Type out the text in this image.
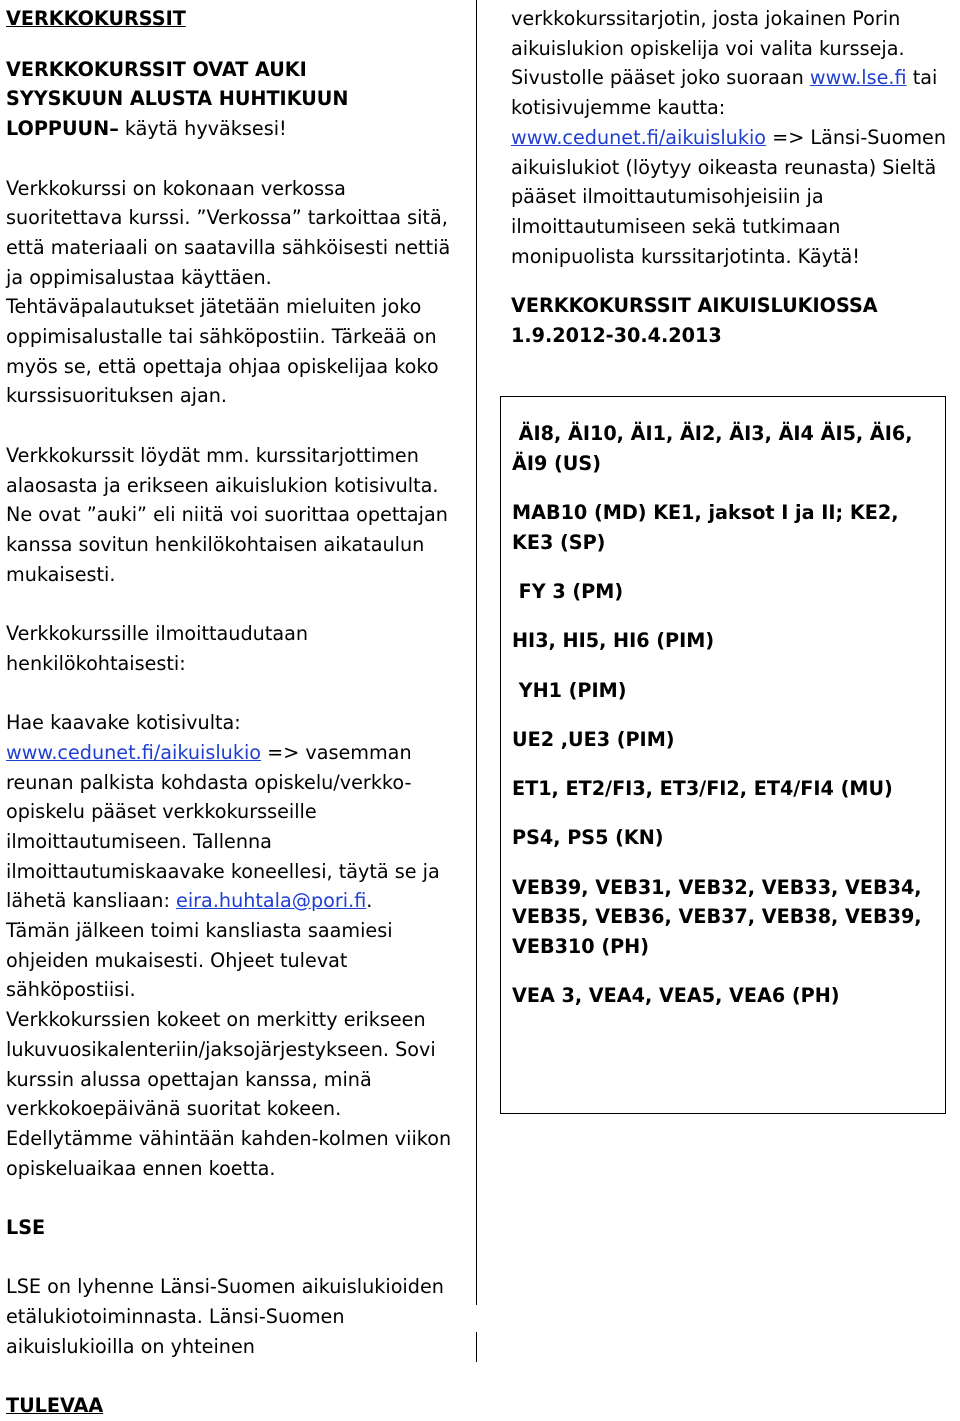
VERKKOKURSSIT

VERKKOKURSSIT OVAT AUKI

SYYSKUUN ALUSTA HUHTIKUUN

LOPPUUN– käytä hyväksesi!

Verkkokurssi on kokonaan verkossa

suoritettava kurssi. ”Verkossa” tarkoittaa sitä,

että materiaali on saatavilla sähköisesti nettiä

ja oppimisalustaa käyttäen.

Tehtäväpalautukset jätetään mieluiten joko

oppimisalustalle tai sähköpostiin. Tärkeää on

myös se, että opettaja ohjaa opiskelijaa koko

kurssisuorituksen ajan.

Verkkokurssit löydät mm. kurssitarjottimen

alaosasta ja erikseen aikuislukion kotisivulta.

Ne ovat ”auki” eli niitä voi suorittaa opettajan

kanssa sovitun henkilökohtaisen aikataulun

mukaisesti.

Verkkokurssille ilmoittaudutaan

henkilökohtaisesti:

Hae kaavake kotisivulta:

www.cedunet.fi/aikuislukio => vasemman

reunan palkista kohdasta opiskelu/verkko-

opiskelu pääset verkkokursseille

ilmoittautumiseen. Tallenna

ilmoittautumiskaavake koneellesi, täytä se ja

lähetä kansliaan: eira.huhtala@pori.fi.

Tämän jälkeen toimi kansliasta saamiesi

ohjeiden mukaisesti. Ohjeet tulevat

sähköpostiisi.

Verkkokurssien kokeet on merkitty erikseen

lukuvuosikalenteriin/jaksojärjestykseen. Sovi

kurssin alussa opettajan kanssa, minä

verkkokoepäivänä suoritat kokeen.

Edellytämme vähintään kahden-kolmen viikon

opiskeluaikaa ennen koetta.

LSE

LSE on lyhenne Länsi-Suomen aikuislukioiden

etälukiotoiminnasta. Länsi-Suomen

aikuislukioilla on yhteinen

TULEVAA

verkkokurssitarjotin, josta jokainen Porin

aikuislukion opiskelija voi valita kursseja.

Sivustolle pääset joko suoraan www.lse.fi tai

kotisivujemme kautta:

www.cedunet.fi/aikuislukio => Länsi-Suomen

aikuislukiot (löytyy oikeasta reunasta) Sieltä

pääset ilmoittautumisohjeisiin ja

ilmoittautumiseen sekä tutkimaan

monipuolista kurssitarjotinta. Käytä!

VERKKOKURSSIT AIKUISLUKIOSSA

1.9.2012-30.4.2013

ÄI8, ÄI10, ÄI1, ÄI2, ÄI3, ÄI4 ÄI5, ÄI6,

ÄI9 (US)

MAB10 (MD) KE1, jaksot I ja II; KE2,

KE3 (SP)

FY 3 (PM)

HI3, HI5, HI6 (PIM)

YH1 (PIM)

UE2 ,UE3 (PIM)

ET1, ET2/FI3, ET3/FI2, ET4/FI4 (MU)

PS4, PS5 (KN)

VEB39, VEB31, VEB32, VEB33, VEB34,

VEB35, VEB36, VEB37, VEB38, VEB39,

VEB310 (PH)

VEA 3, VEA4, VEA5, VEA6 (PH)
